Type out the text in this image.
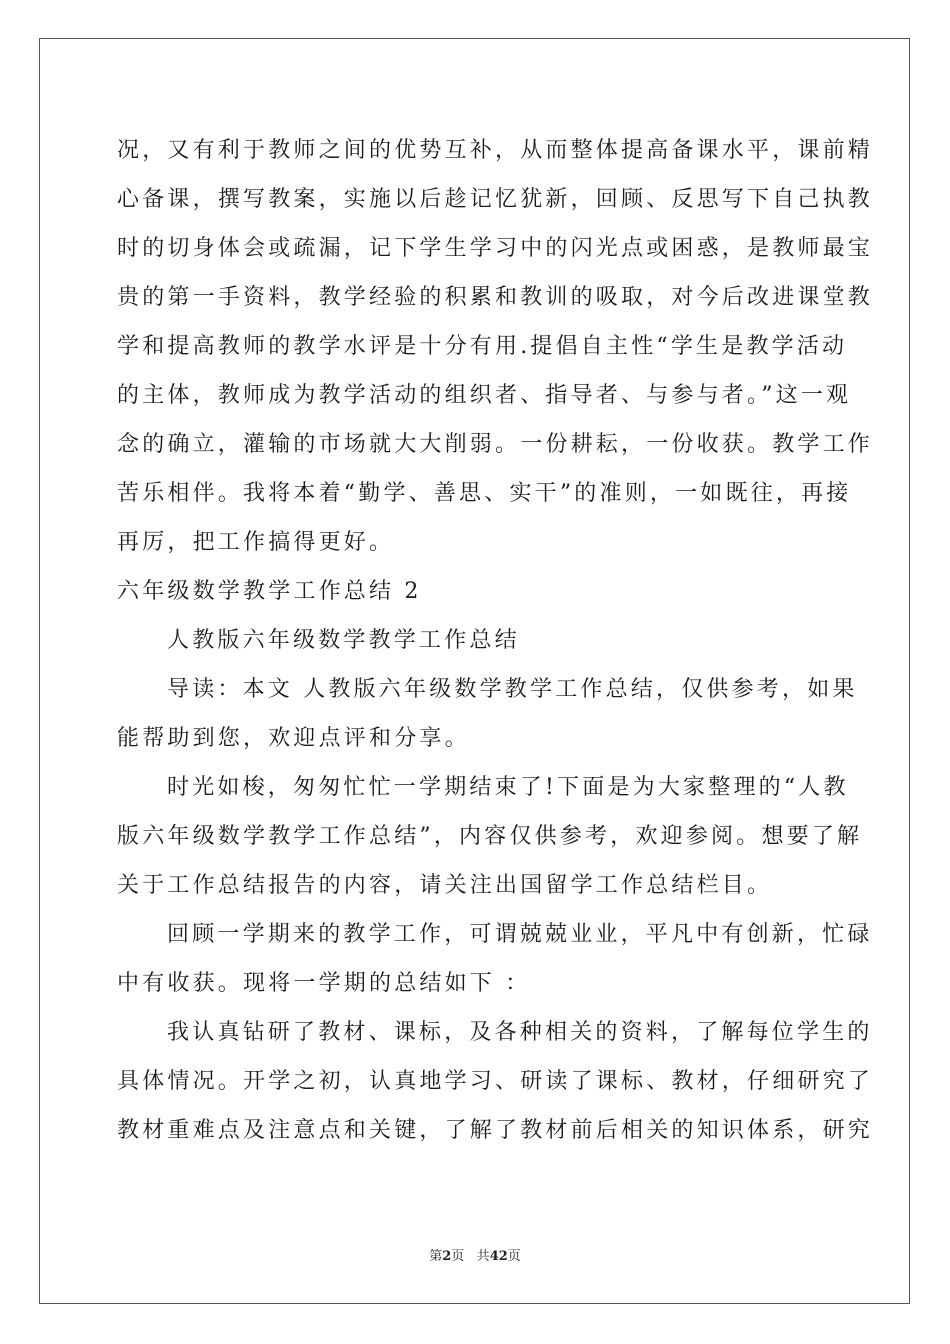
况，又有利于教师之间的优势互补，从而整体提高备课水平，课前精
心备课，撰写教案，实施以后趁记忆犹新，回顾、反思写下自己执教
时的切身体会或疏漏，记下学生学习中的闪光点或困惑，是教师最宝
贵的第一手资料，教学经验的积累和教训的吸取，对今后改进课堂教
学和提高教师的教学水评是十分有用.提倡自主性“学生是教学活动
的主体，教师成为教学活动的组织者、指导者、与参与者。”这一观
念的确立，灌输的市场就大大削弱。一份耕耘，一份收获。教学工作
苦乐相伴。我将本着“勤学、善思、实干”的准则，一如既往，再接
再厉，把工作搞得更好。
六年级数学教学工作总结 2
人教版六年级数学教学工作总结
导读：本文 人教版六年级数学教学工作总结，仅供参考，如果
能帮助到您，欢迎点评和分享。
时光如梭，匆匆忙忙一学期结束了!下面是为大家整理的“人教
版六年级数学教学工作总结”，内容仅供参考，欢迎参阅。想要了解
关于工作总结报告的内容，请关注出国留学工作总结栏目。
回顾一学期来的教学工作，可谓兢兢业业，平凡中有创新，忙碌
中有收获。现将一学期的总结如下 ：
我认真钻研了教材、课标，及各种相关的资料，了解每位学生的
具体情况。开学之初，认真地学习、研读了课标、教材，仔细研究了
教材重难点及注意点和关键，了解了教材前后相关的知识体系，研究
第2页 共42页
